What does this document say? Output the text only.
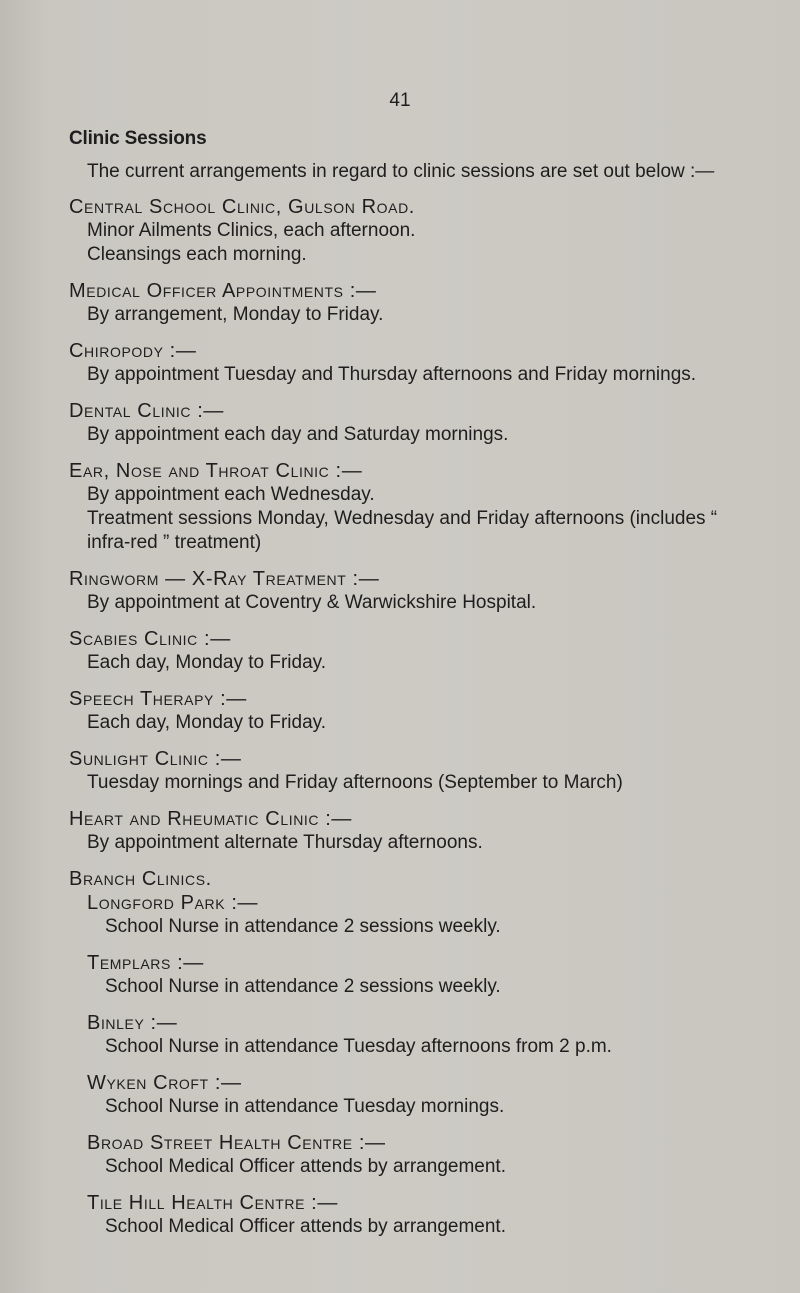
41
Clinic Sessions
The current arrangements in regard to clinic sessions are set out below :—
Central School Clinic, Gulson Road.
Minor Ailments Clinics, each afternoon.
Cleansings each morning.
Medical Officer Appointments :—
By arrangement, Monday to Friday.
Chiropody :—
By appointment Tuesday and Thursday afternoons and Friday mornings.
Dental Clinic :—
By appointment each day and Saturday mornings.
Ear, Nose and Throat Clinic :—
By appointment each Wednesday.
Treatment sessions Monday, Wednesday and Friday afternoons (includes “ infra-red ” treatment)
Ringworm — X-Ray Treatment :—
By appointment at Coventry & Warwickshire Hospital.
Scabies Clinic :—
Each day, Monday to Friday.
Speech Therapy :—
Each day, Monday to Friday.
Sunlight Clinic :—
Tuesday mornings and Friday afternoons (September to March)
Heart and Rheumatic Clinic :—
By appointment alternate Thursday afternoons.
Branch Clinics.
Longford Park :—
School Nurse in attendance 2 sessions weekly.
Templars :—
School Nurse in attendance 2 sessions weekly.
Binley :—
School Nurse in attendance Tuesday afternoons from 2 p.m.
Wyken Croft :—
School Nurse in attendance Tuesday mornings.
Broad Street Health Centre :—
School Medical Officer attends by arrangement.
Tile Hill Health Centre :—
School Medical Officer attends by arrangement.
